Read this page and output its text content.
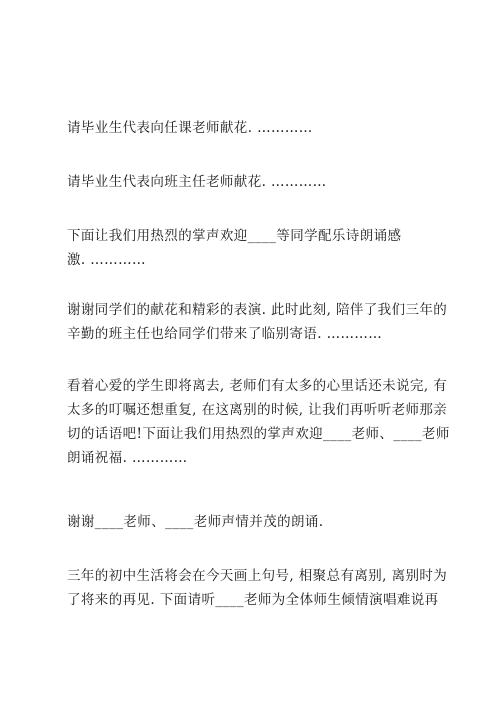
请毕业生代表向任课老师献花. …………
请毕业生代表向班主任老师献花. …………
下面让我们用热烈的掌声欢迎____等同学配乐诗朗诵感
激. …………
谢谢同学们的献花和精彩的表演. 此时此刻, 陪伴了我们三年的
辛勤的班主任也给同学们带来了临别寄语. …………
看着心爱的学生即将离去, 老师们有太多的心里话还未说完, 有
太多的叮嘱还想重复, 在这离别的时候, 让我们再听听老师那亲
切的话语吧!下面让我们用热烈的掌声欢迎____老师、____老师
朗诵祝福. …………
谢谢____老师、____老师声情并茂的朗诵.
三年的初中生活将会在今天画上句号, 相聚总有离别, 离别时为
了将来的再见. 下面请听____老师为全体师生倾情演唱难说再
